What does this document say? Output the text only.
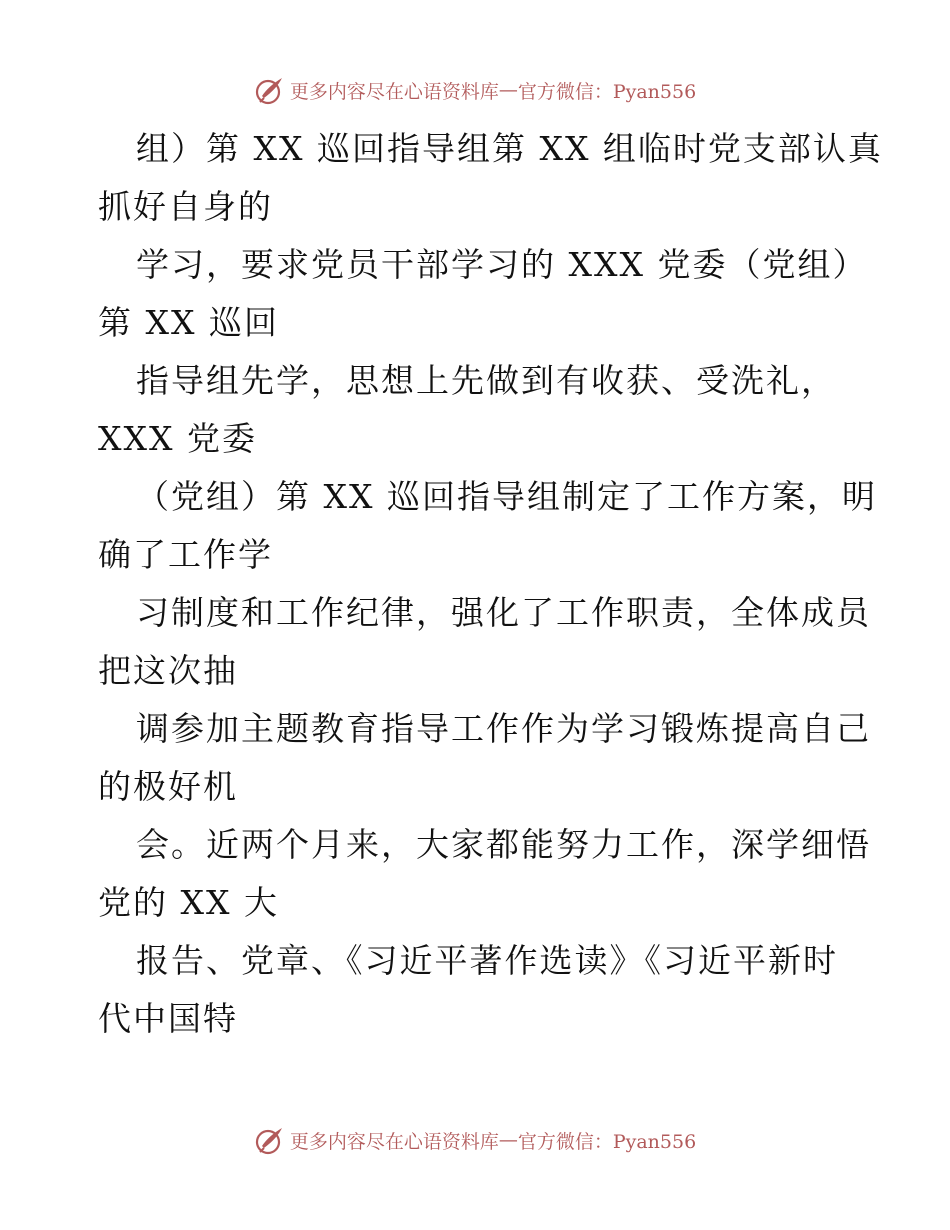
更多内容尽在心语资料库 — 官方微信：Pyan556

组）第 XX 巡回指导组第 XX 组临时党支部认真
抓好自身的

学习，要求党员干部学习的 XXX 党委（党组）
第 XX 巡回

指导组先学，思想上先做到有收获、受洗礼，
XXX 党委

（党组）第 XX 巡回指导组制定了工作方案，明
确了工作学

习制度和工作纪律，强化了工作职责，全体成员
把这次抽

调参加主题教育指导工作作为学习锻炼提高自己
的极好机

会。近两个月来，大家都能努力工作，深学细悟
党的 XX 大

报告、党章、《习近平著作选读》《习近平新时
代中国特

更多内容尽在心语资料库 — 官方微信：Pyan556
